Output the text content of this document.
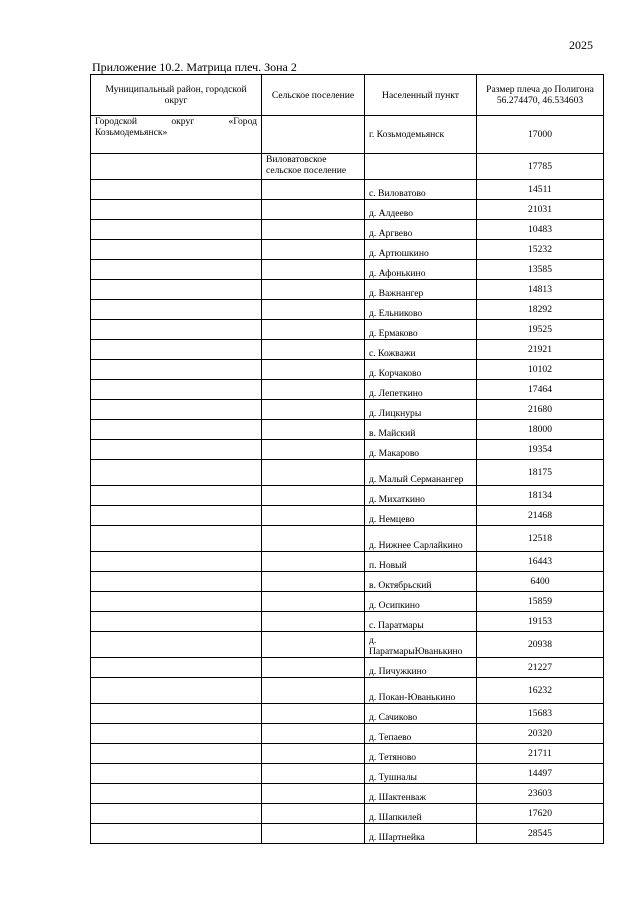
2025
Приложение 10.2. Матрица плеч. Зона 2
Муниципальный район, городской округ	Сельское поселение	Населенный пункт	Размер плеча до Полигона 56.274470, 46.534603
Городской округ «Город Козьмодемьянск»		г. Козьмодемьянск	17000
	Виловатовское сельское поселение		17785
		с. Виловатово	14511
		д. Алдеево	21031
		д. Аргвево	10483
		д. Артюшкино	15232
		д. Афонькино	13585
		д. Важнангер	14813
		д. Ельниково	18292
		д. Ермаково	19525
		с. Кожважи	21921
		д. Корчаково	10102
		д. Лепеткино	17464
		д. Лицкнуры	21680
		в. Майский	18000
		д. Макарово	19354
		д. Малый Серманангер	18175
		д. Михаткино	18134
		д. Немцево	21468
		д. Нижнее Сарлайкино	12518
		п. Новый	16443
		в. Октябрьский	6400
		д. Осипкино	15859
		с. Паратмары	19153
		д. ПаратмарыЮванькино	20938
		д. Пичужкино	21227
		д. Покан-Юванькино	16232
		д. Сачиково	15683
		д. Тепаево	20320
		д. Тетяново	21711
		д. Тушналы	14497
		д. Шактенваж	23603
		д. Шапкилей	17620
		д. Шартнейка	28545
